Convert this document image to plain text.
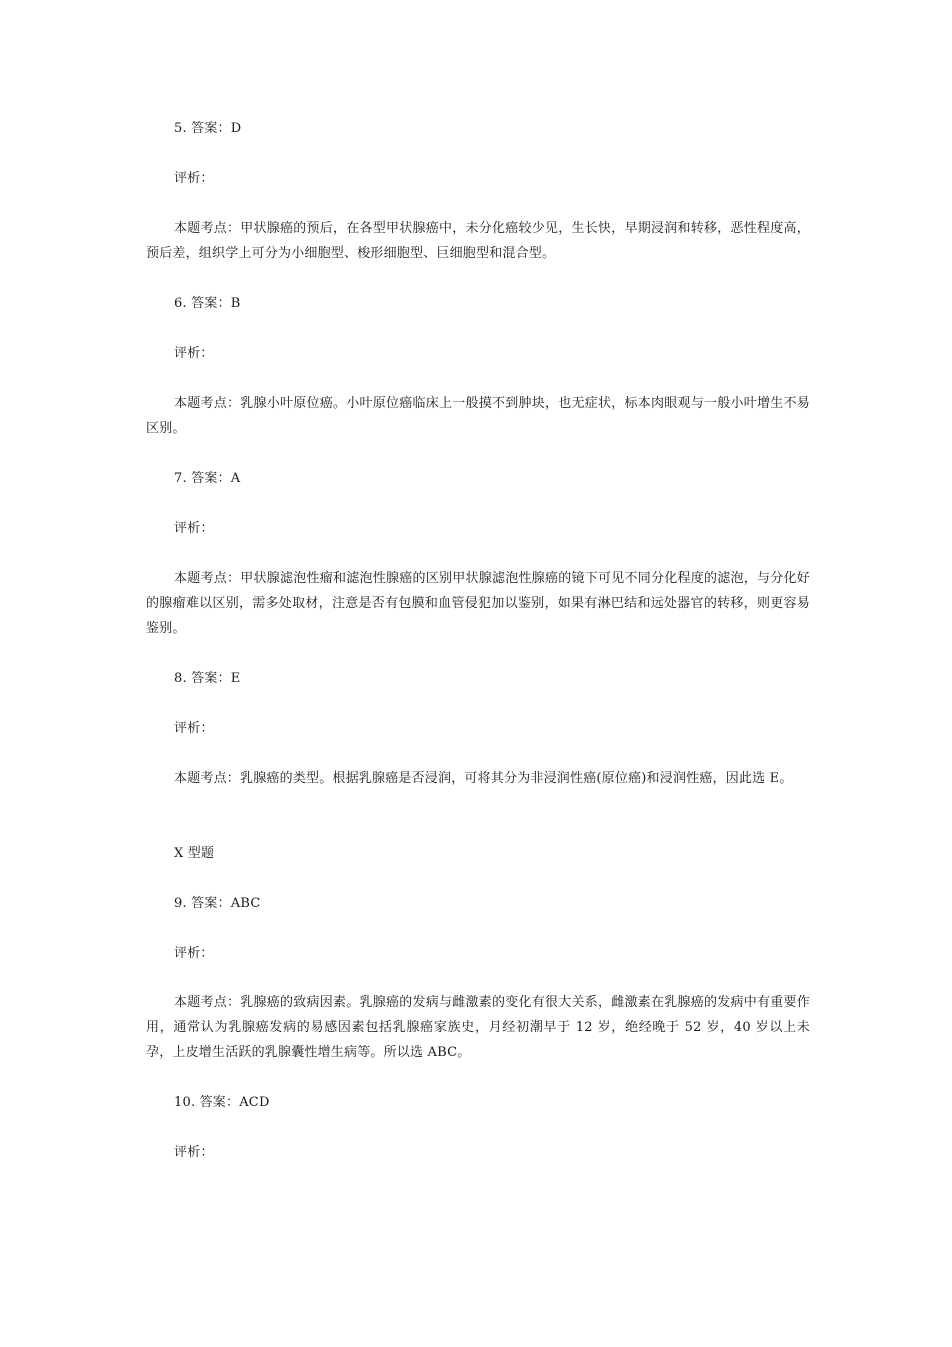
5. 答案：D
评析：

本题考点：甲状腺癌的预后，在各型甲状腺癌中，未分化癌较少见，生长快，早期浸润和转移，恶性程度高，预后差，组织学上可分为小细胞型、梭形细胞型、巨细胞型和混合型。

6. 答案：B
评析：

本题考点：乳腺小叶原位癌。小叶原位癌临床上一般摸不到肿块，也无症状，标本肉眼观与一般小叶增生不易区别。

7. 答案：A
评析：

本题考点：甲状腺滤泡性瘤和滤泡性腺癌的区别甲状腺滤泡性腺癌的镜下可见不同分化程度的滤泡，与分化好的腺瘤难以区别，需多处取材，注意是否有包膜和血管侵犯加以鉴别，如果有淋巴结和远处器官的转移，则更容易鉴别。

8. 答案：E
评析：

本题考点：乳腺癌的类型。根据乳腺癌是否浸润，可将其分为非浸润性癌(原位癌)和浸润性癌，因此选 E。

X 型题
9. 答案：ABC
评析：

本题考点：乳腺癌的致病因素。乳腺癌的发病与雌激素的变化有很大关系，雌激素在乳腺癌的发病中有重要作用，通常认为乳腺癌发病的易感因素包括乳腺癌家族史，月经初潮早于 12 岁，绝经晚于 52 岁，40 岁以上未孕，上皮增生活跃的乳腺囊性增生病等。所以选 ABC。

10. 答案：ACD
评析：
